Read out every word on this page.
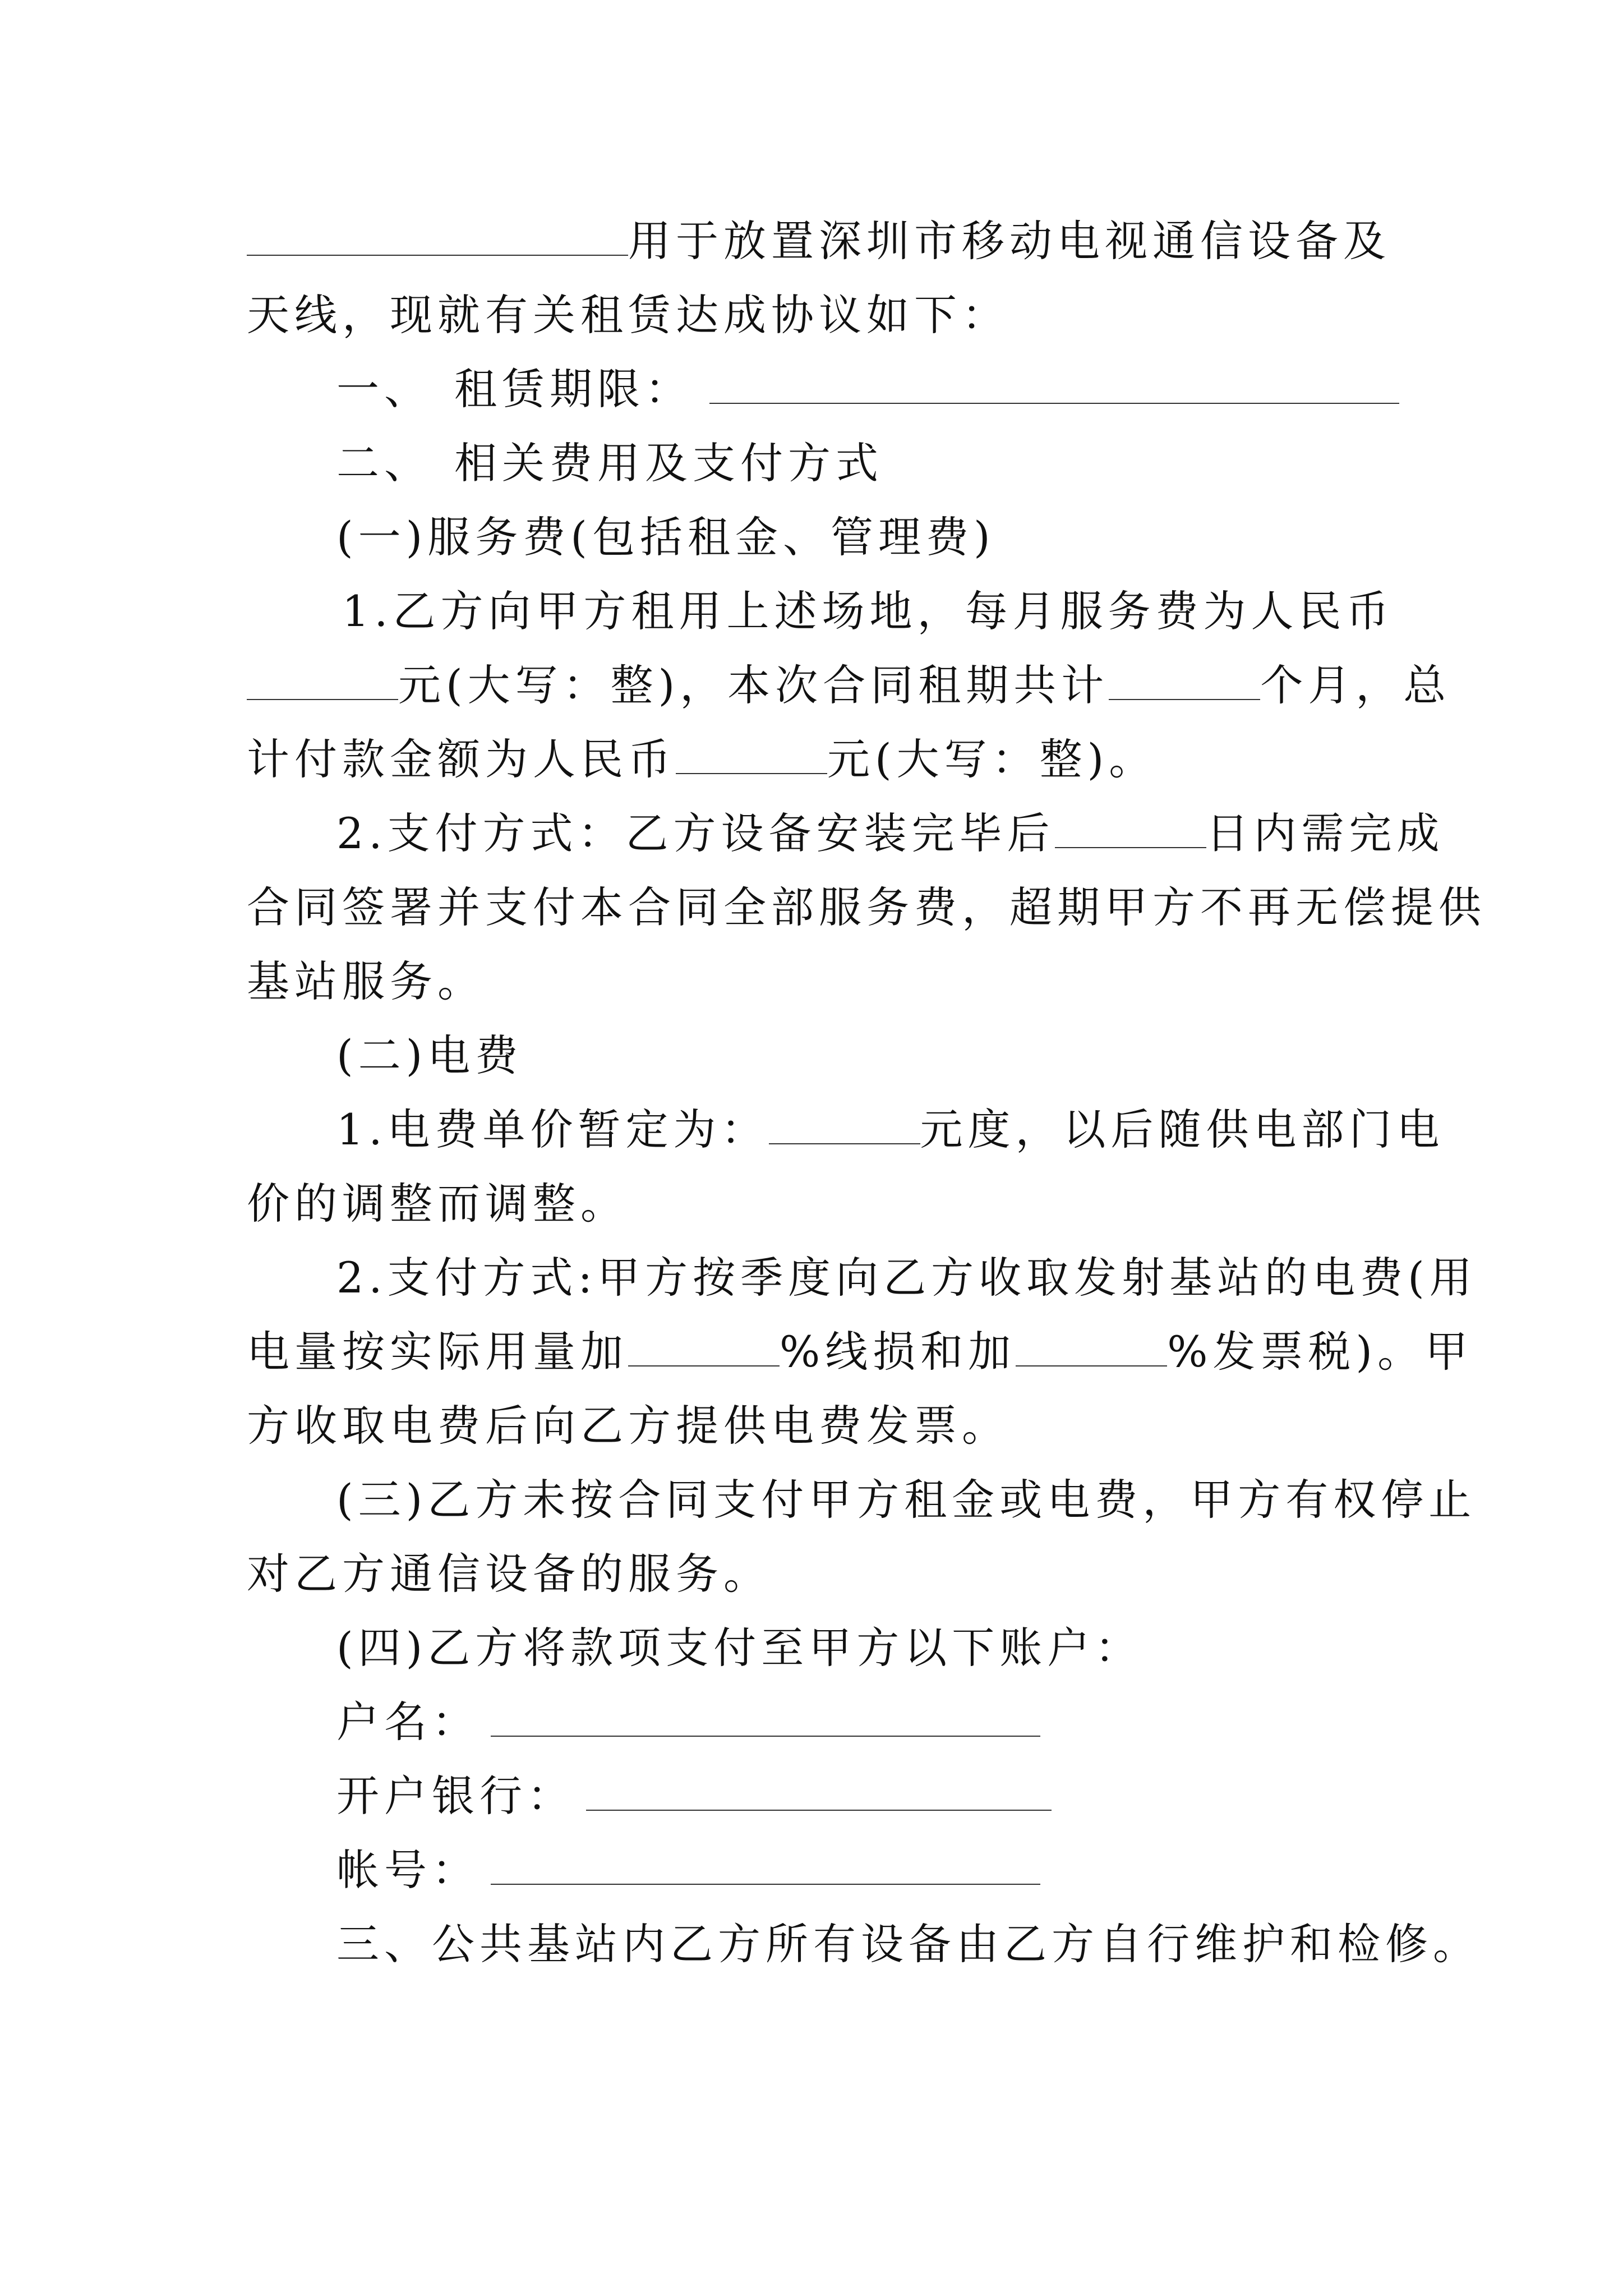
用于放置深圳市移动电视通信设备及
天线，现就有关租赁达成协议如下：
一、 租赁期限：
二、 相关费用及支付方式
(一)服务费(包括租金、管理费)
1.乙方向甲方租用上述场地，每月服务费为人民币
元(大写：整)，本次合同租期共计	个月，总
计付款金额为人民币	元(大写：整)。
2.支付方式：乙方设备安装完毕后	日内需完成
合同签署并支付本合同全部服务费，超期甲方不再无偿提供
基站服务。
(二)电费
1.电费单价暂定为：	元度，以后随供电部门电
价的调整而调整。
2.支付方式:甲方按季度向乙方收取发射基站的电费(用
电量按实际用量加	%线损和加	%发票税)。甲
方收取电费后向乙方提供电费发票。
(三)乙方未按合同支付甲方租金或电费，甲方有权停止
对乙方通信设备的服务。
(四)乙方将款项支付至甲方以下账户：
户名：
开户银行：
帐号：
三、公共基站内乙方所有设备由乙方自行维护和检修。
